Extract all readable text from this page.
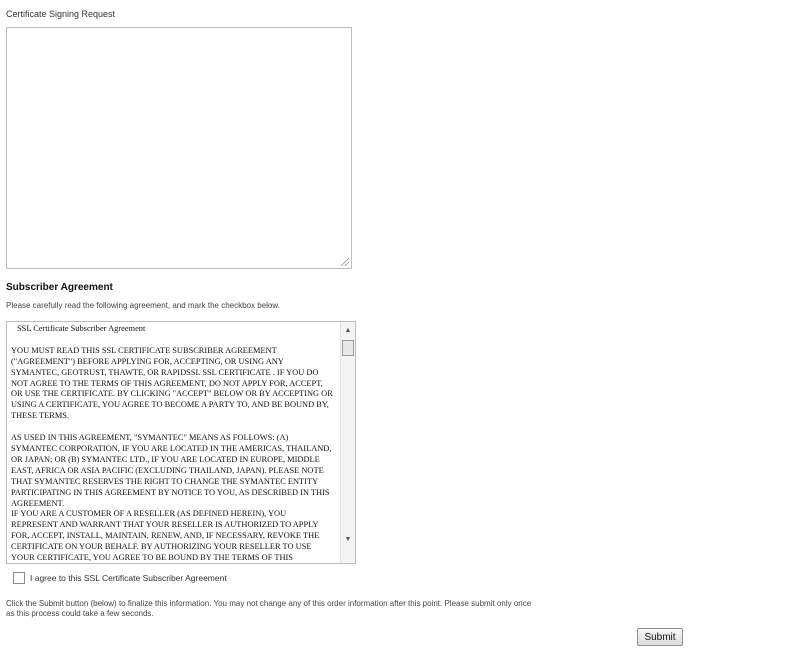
Certificate Signing Request
Subscriber Agreement
Please carefully read the following agreement, and mark the checkbox below.
SSL Certificate Subscriber Agreement

YOU MUST READ THIS SSL CERTIFICATE SUBSCRIBER AGREEMENT ("AGREEMENT") BEFORE APPLYING FOR, ACCEPTING, OR USING ANY SYMANTEC, GEOTRUST, THAWTE, OR RAPIDSSL SSL CERTIFICATE . IF YOU DO NOT AGREE TO THE TERMS OF THIS AGREEMENT, DO NOT APPLY FOR, ACCEPT, OR USE THE CERTIFICATE. BY CLICKING "ACCEPT" BELOW OR BY ACCEPTING OR USING A CERTIFICATE, YOU AGREE TO BECOME A PARTY TO, AND BE BOUND BY, THESE TERMS.

AS USED IN THIS AGREEMENT, "SYMANTEC" MEANS AS FOLLOWS: (A) SYMANTEC CORPORATION, IF YOU ARE LOCATED IN THE AMERICAS, THAILAND, OR JAPAN; OR (B) SYMANTEC LTD., IF YOU ARE LOCATED IN EUROPE, MIDDLE EAST, AFRICA OR ASIA PACIFIC (EXCLUDING THAILAND, JAPAN). PLEASE NOTE THAT SYMANTEC RESERVES THE RIGHT TO CHANGE THE SYMANTEC ENTITY PARTICIPATING IN THIS AGREEMENT BY NOTICE TO YOU, AS DESCRIBED IN THIS AGREEMENT.
IF YOU ARE A CUSTOMER OF A RESELLER (AS DEFINED HEREIN), YOU REPRESENT AND WARRANT THAT YOUR RESELLER IS AUTHORIZED TO APPLY FOR, ACCEPT, INSTALL, MAINTAIN, RENEW, AND, IF NECESSARY, REVOKE THE CERTIFICATE ON YOUR BEHALF. BY AUTHORIZING YOUR RESELLER TO USE YOUR CERTIFICATE, YOU AGREE TO BE BOUND BY THE TERMS OF THIS
▲
▼
I agree to this SSL Certificate Subscriber Agreement
Click the Submit button (below) to finalize this information. You may not change any of this order information after this point. Please submit only once as this process could take a few seconds.
Submit
